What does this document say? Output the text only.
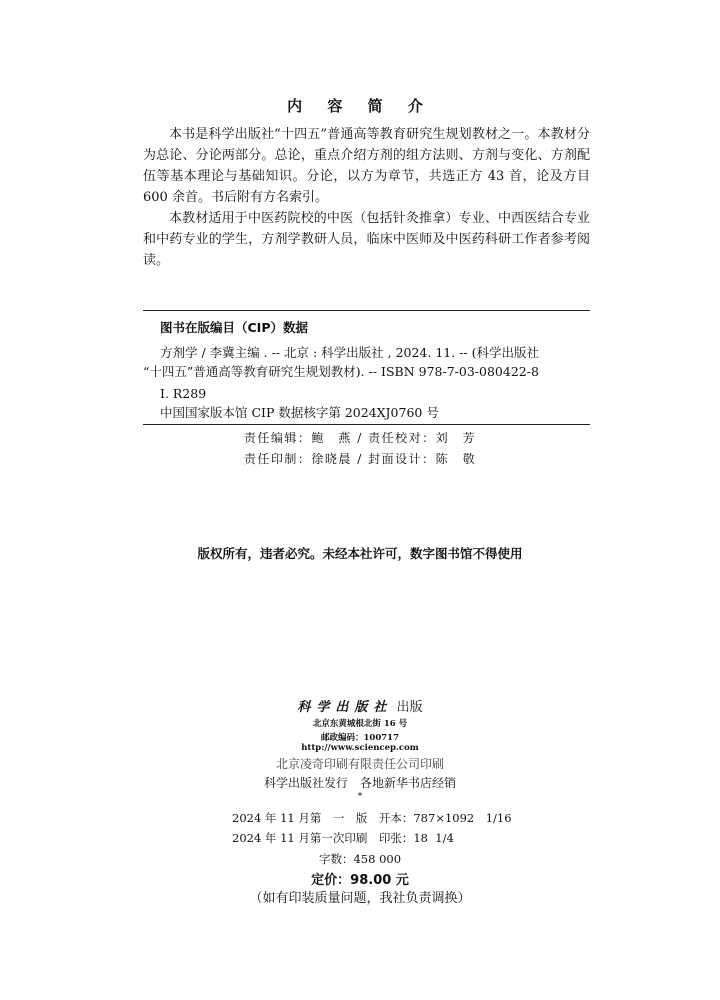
内 容 简 介

本书是科学出版社“十四五”普通高等教育研究生规划教材之一。本教材分为总论、分论两部分。总论，重点介绍方剂的组方法则、方剂与变化、方剂配伍等基本理论与基础知识。分论，以方为章节，共选正方 43 首，论及方目 600 余首。书后附有方名索引。

本教材适用于中医药院校的中医（包括针灸推拿）专业、中西医结合专业和中药专业的学生，方剂学教研人员，临床中医师及中医药科研工作者参考阅读。

图书在版编目（CIP）数据
方剂学 / 李冀主编 . -- 北京 : 科学出版社 , 2024. 11. -- (科学出版社
“十四五”普通高等教育研究生规划教材). -- ISBN 978-7-03-080422-8
Ⅰ. R289
中国国家版本馆 CIP 数据核字第 2024XJ0760 号
责任编辑：鲍　燕 / 责任校对：刘　芳
责任印制：徐晓晨 / 封面设计：陈　敬
版权所有，违者必究。未经本社许可，数字图书馆不得使用
科学出版社 出版
北京东黄城根北街 16 号
邮政编码：100717
http://www.sciencep.com
北京凌奇印刷有限责任公司印刷
科学出版社发行　各地新华书店经销
*
2024 年 11 月第　一　版　开本：787×1092　1/16
2024 年 11 月第一次印刷　印张：18  1/4
字数：458 000
定价：98.00 元
（如有印装质量问题，我社负责调换）
